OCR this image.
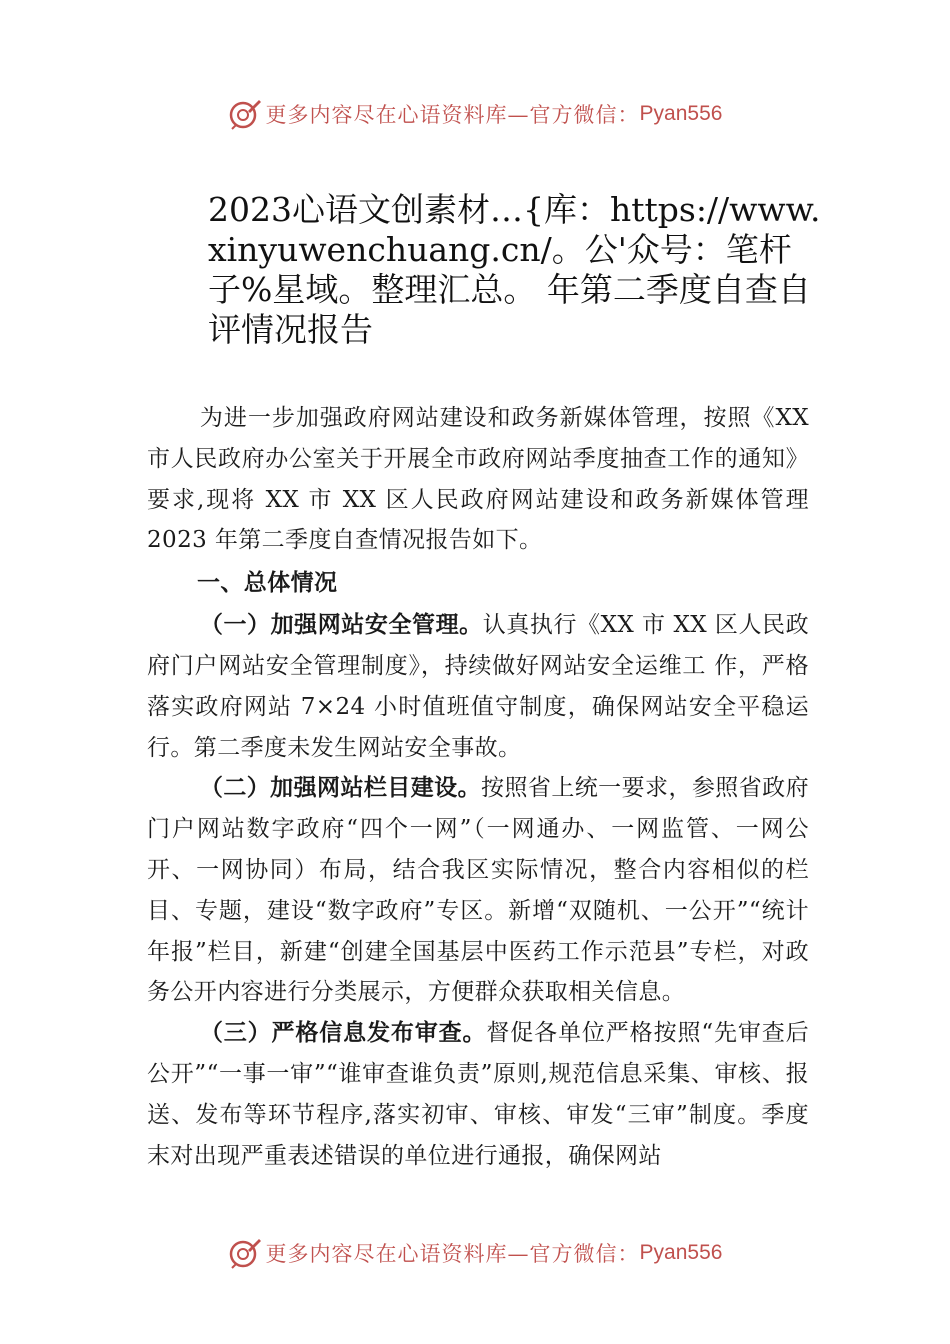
更多内容尽在心语资料库—官方微信： Pyan556
2023心语文创素材…{库：https://www.xinyuwenchuang.cn/。公'众号：笔杆子%星域。整理汇总。 年第二季度自查自评情况报告

为进一步加强政府网站建设和政务新媒体管理，按照《XX 市人民政府办公室关于开展全市政府网站季度抽查工作的通知》要求,现将 XX 市 XX 区人民政府网站建设和政务新媒体管理 2023 年第二季度自查情况报告如下。

一、总体情况

（一）加强网站安全管理。认真执行《XX 市 XX 区人民政府门户网站安全管理制度》，持续做好网站安全运维工 作，严格落实政府网站 7×24 小时值班值守制度，确保网站安全平稳运行。第二季度未发生网站安全事故。

（二）加强网站栏目建设。按照省上统一要求，参照省政府门户网站数字政府“四个一网”（一网通办、一网监管、一网公开、一网协同）布局，结合我区实际情况，整合内容相似的栏目、专题，建设“数字政府”专区。新增“双随机、一公开”“统计年报”栏目，新建“创建全国基层中医药工作示范县”专栏，对政务公开内容进行分类展示，方便群众获取相关信息。

（三）严格信息发布审查。督促各单位严格按照“先审查后公开”“一事一审”“谁审查谁负责”原则,规范信息采集、审核、报送、发布等环节程序,落实初审、审核、审发“三审”制度。季度末对出现严重表述错误的单位进行通报，确保网站

更多内容尽在心语资料库—官方微信： Pyan556
